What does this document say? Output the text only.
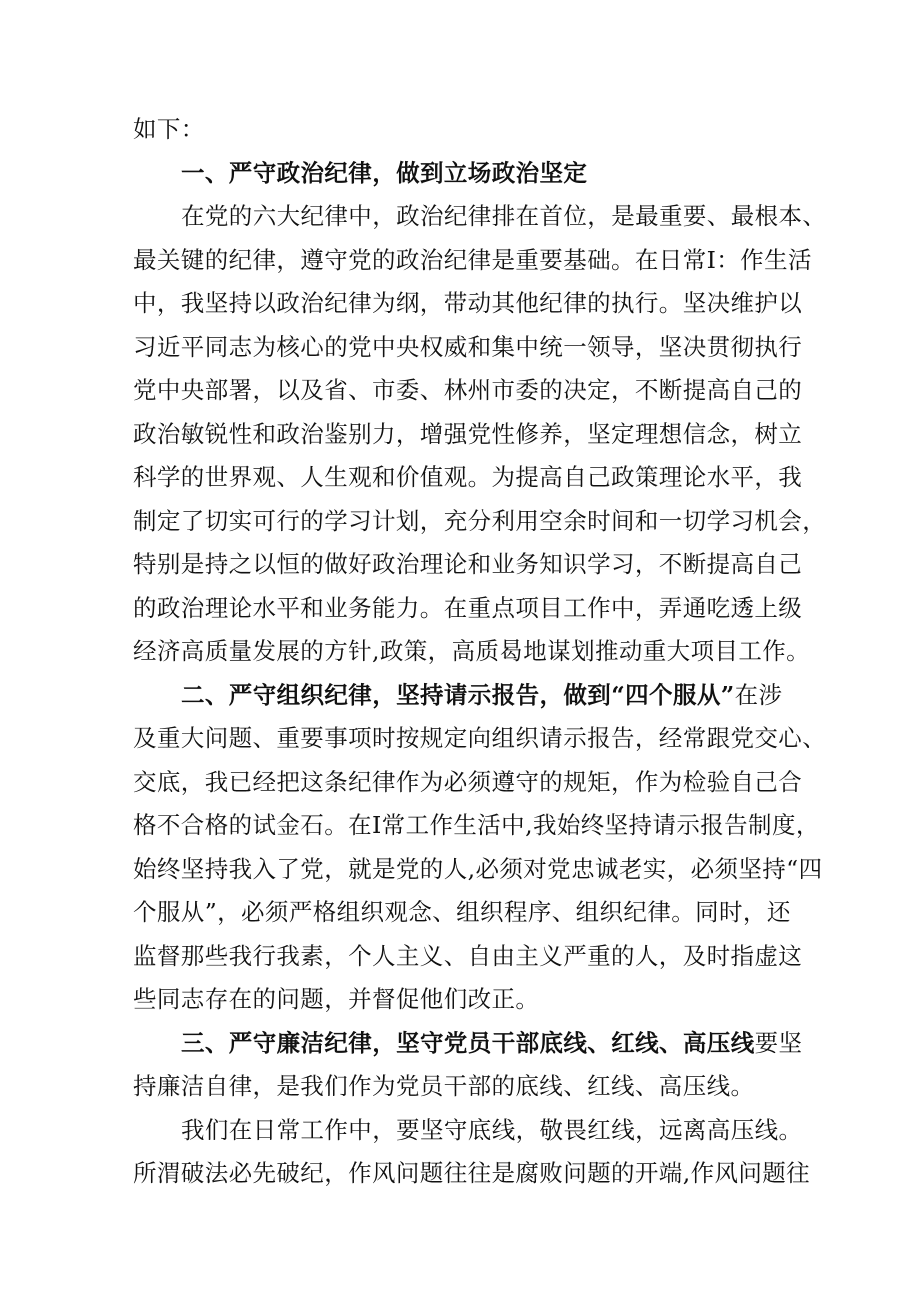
如下：
一、严守政治纪律，做到立场政治坚定
在党的六大纪律中，政治纪律排在首位，是最重要、最根本、
最关键的纪律，遵守党的政治纪律是重要基础。在日常I：作生活
中，我坚持以政治纪律为纲，带动其他纪律的执行。坚决维护以
习近平同志为核心的党中央权威和集中统一领导，坚决贯彻执行
党中央部署，以及省、市委、林州市委的决定，不断提高自己的
政治敏锐性和政治鉴别力，增强党性修养，坚定理想信念，树立
科学的世界观、人生观和价值观。为提高自己政策理论水平，我
制定了切实可行的学习计划，充分利用空余时间和一切学习机会，
特别是持之以恒的做好政治理论和业务知识学习，不断提高自己
的政治理论水平和业务能力。在重点项目工作中，弄通吃透上级
经济高质量发展的方针,政策，高质曷地谋划推动重大项目工作。
二、严守组织纪律，坚持请示报告，做到“四个服从”在涉
及重大问题、重要事项时按规定向组织请示报告，经常跟党交心、
交底，我已经把这条纪律作为必须遵守的规矩，作为检验自己合
格不合格的试金石。在I常工作生活中,我始终坚持请示报告制度，
始终坚持我入了党，就是党的人,必须对党忠诚老实，必须坚持“四
个服从”，必须严格组织观念、组织程序、组织纪律。同时，还
监督那些我行我素，个人主义、自由主义严重的人，及时指虚这
些同志存在的问题，并督促他们改正。
三、严守廉洁纪律，坚守党员干部底线、红线、高压线要坚
持廉洁自律，是我们作为党员干部的底线、红线、高压线。
我们在日常工作中，要坚守底线，敬畏红线，远离高压线。
所渭破法必先破纪，作风问题往往是腐败问题的开端,作风问题往
